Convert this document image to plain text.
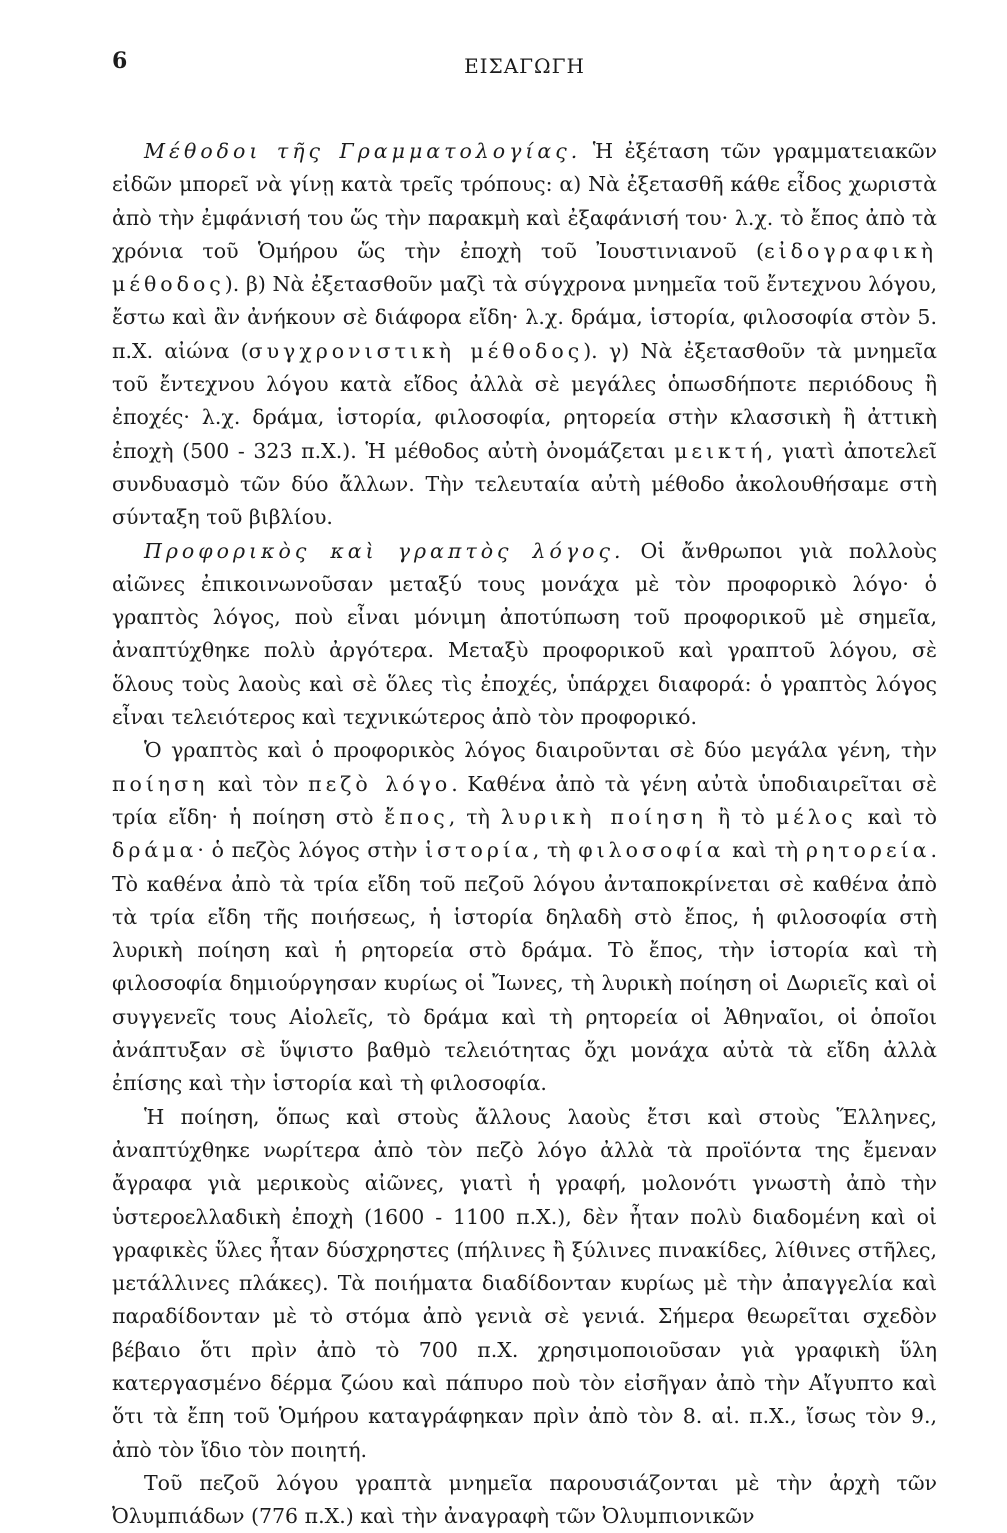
6	ΕΙΣΑΓΩΓΗ

Μέθοδοι τῆς Γραμματολογίας. Ἡ ἐξέταση τῶν γραμματειακῶν εἰδῶν μπορεῖ νὰ γίνῃ κατὰ τρεῖς τρόπους: α) Νὰ ἐξετασθῆ κάθε εἶδος χωριστὰ ἀπὸ τὴν ἐμφάνισή του ὥς τὴν παρακμὴ καὶ ἐξαφάνισή του· λ.χ. τὸ ἔπος ἀπὸ τὰ χρόνια τοῦ Ὁμήρου ὥς τὴν ἐποχὴ τοῦ Ἰουστινιανοῦ (εἰδογραφικὴ μέθοδος). β) Νὰ ἐξετασθοῦν μαζὶ τὰ σύγχρονα μνημεῖα τοῦ ἔντεχνου λόγου, ἔστω καὶ ἂν ἀνήκουν σὲ διάφορα εἴδη· λ.χ. δράμα, ἱστορία, φιλοσοφία στὸν 5. π.Χ. αἰώνα (συγχρονιστικὴ μέθοδος). γ) Νὰ ἐξετασθοῦν τὰ μνημεῖα τοῦ ἔντεχνου λόγου κατὰ εἴδος ἀλλὰ σὲ μεγάλες ὁπωσδήποτε περιόδους ἢ ἐποχές· λ.χ. δράμα, ἱστορία, φιλοσοφία, ρητορεία στὴν κλασσικὴ ἢ ἀττικὴ ἐποχὴ (500 - 323 π.Χ.). Ἡ μέθοδος αὐτὴ ὀνομάζεται μεικτή, γιατὶ ἀποτελεῖ συνδυασμὸ τῶν δύο ἄλλων. Τὴν τελευταία αὐτὴ μέθοδο ἀκολουθήσαμε στὴ σύνταξη τοῦ βιβλίου.

Προφορικὸς καὶ γραπτὸς λόγος. Οἱ ἄνθρωποι γιὰ πολλοὺς αἰῶνες ἐπικοινωνοῦσαν μεταξύ τους μονάχα μὲ τὸν προφορικὸ λόγο· ὁ γραπτὸς λόγος, ποὺ εἶναι μόνιμη ἀποτύπωση τοῦ προφορικοῦ μὲ σημεῖα, ἀναπτύχθηκε πολὺ ἀργότερα. Μεταξὺ προφορικοῦ καὶ γραπτοῦ λόγου, σὲ ὅλους τοὺς λαοὺς καὶ σὲ ὅλες τὶς ἐποχές, ὑπάρχει διαφορά: ὁ γραπτὸς λόγος εἶναι τελειότερος καὶ τεχνικώτερος ἀπὸ τὸν προφορικό.

Ὁ γραπτὸς καὶ ὁ προφορικὸς λόγος διαιροῦνται σὲ δύο μεγάλα γένη, τὴν ποίηση καὶ τὸν πεζὸ λόγο. Καθένα ἀπὸ τὰ γένη αὐτὰ ὑποδιαιρεῖται σὲ τρία εἴδη· ἡ ποίηση στὸ ἔπος, τὴ λυρικὴ ποίηση ἢ τὸ μέλος καὶ τὸ δράμα· ὁ πεζὸς λόγος στὴν ἱστορία, τὴ φιλοσοφία καὶ τὴ ρητορεία. Τὸ καθένα ἀπὸ τὰ τρία εἴδη τοῦ πεζοῦ λόγου ἀνταποκρίνεται σὲ καθένα ἀπὸ τὰ τρία εἴδη τῆς ποιήσεως, ἡ ἱστορία δηλαδὴ στὸ ἔπος, ἡ φιλοσοφία στὴ λυρικὴ ποίηση καὶ ἡ ρητορεία στὸ δράμα. Τὸ ἔπος, τὴν ἱστορία καὶ τὴ φιλοσοφία δημιούργησαν κυρίως οἱ Ἴωνες, τὴ λυρικὴ ποίηση οἱ Δωριεῖς καὶ οἱ συγγενεῖς τους Αἰολεῖς, τὸ δράμα καὶ τὴ ρητορεία οἱ Ἀθηναῖοι, οἱ ὁποῖοι ἀνάπτυξαν σὲ ὕψιστο βαθμὸ τελειότητας ὄχι μονάχα αὐτὰ τὰ εἴδη ἀλλὰ ἐπίσης καὶ τὴν ἱστορία καὶ τὴ φιλοσοφία.

Ἡ ποίηση, ὅπως καὶ στοὺς ἄλλους λαοὺς ἔτσι καὶ στοὺς Ἕλληνες, ἀναπτύχθηκε νωρίτερα ἀπὸ τὸν πεζὸ λόγο ἀλλὰ τὰ προϊόντα της ἔμεναν ἄγραφα γιὰ μερικοὺς αἰῶνες, γιατὶ ἡ γραφή, μολονότι γνωστὴ ἀπὸ τὴν ὑστεροελλαδικὴ ἐποχὴ (1600 - 1100 π.Χ.), δὲν ἦταν πολὺ διαδομένη καὶ οἱ γραφικὲς ὕλες ἦταν δύσχρηστες (πήλινες ἢ ξύλινες πινακίδες, λίθινες στῆλες, μετάλλινες πλάκες). Τὰ ποιήματα διαδίδονταν κυρίως μὲ τὴν ἀπαγγελία καὶ παραδίδονταν μὲ τὸ στόμα ἀπὸ γενιὰ σὲ γενιά. Σήμερα θεωρεῖται σχεδὸν βέβαιο ὅτι πρὶν ἀπὸ τὸ 700 π.Χ. χρησιμοποιοῦσαν γιὰ γραφικὴ ὕλη κατεργασμένο δέρμα ζώου καὶ πάπυρο ποὺ τὸν εἰσῆγαν ἀπὸ τὴν Αἴγυπτο καὶ ὅτι τὰ ἔπη τοῦ Ὁμήρου καταγράφηκαν πρὶν ἀπὸ τὸν 8. αἰ. π.Χ., ἴσως τὸν 9., ἀπὸ τὸν ἴδιο τὸν ποιητή.

Τοῦ πεζοῦ λόγου γραπτὰ μνημεῖα παρουσιάζονται μὲ τὴν ἀρχὴ τῶν Ὀλυμπιάδων (776 π.Χ.) καὶ τὴν ἀναγραφὴ τῶν Ὀλυμπιονικῶν
